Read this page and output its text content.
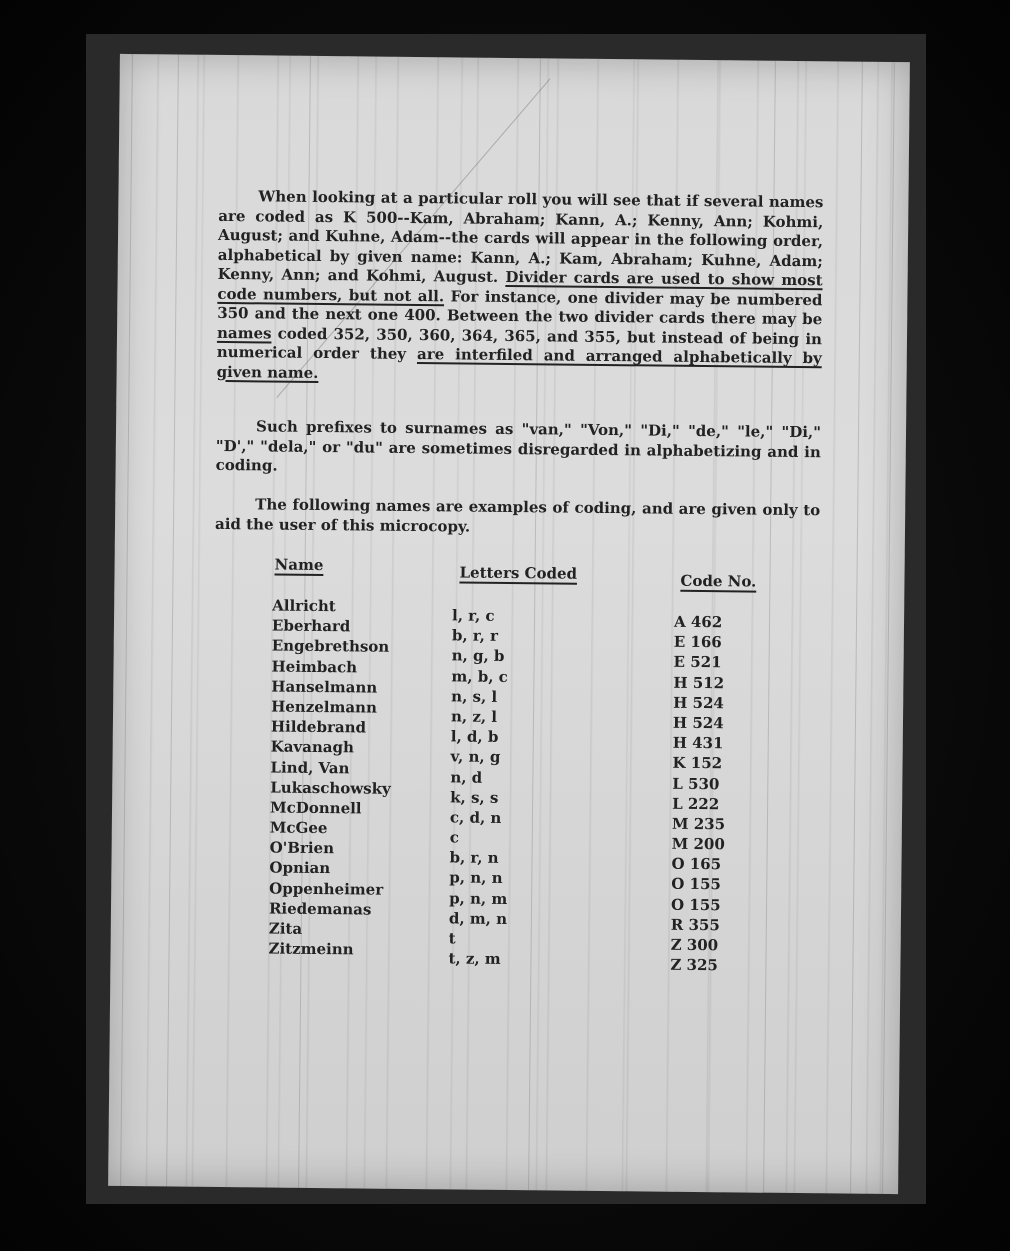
When looking at a particular roll you will see that if several names are coded as K 500--Kam, Abraham; Kann, A.; Kenny, Ann; Kohmi, August; and Kuhne, Adam--the cards will appear in the following order, alphabetical by given name: Kann, A.; Kam, Abraham; Kuhne, Adam; Kenny, Ann; and Kohmi, August. Divider cards are used to show most code numbers, but not all. For instance, one divider may be numbered 350 and the next one 400. Between the two divider cards there may be names coded 352, 350, 360, 364, 365, and 355, but instead of being in numerical order they are interfiled and arranged alphabetically by given name.

Such prefixes to surnames as "van," "Von," "Di," "de," "le," "Di," "D'," "dela," or "du" are sometimes disregarded in alphabetizing and in coding.

The following names are examples of coding, and are given only to aid the user of this microcopy.

Name	Letters Coded	Code No.
Allricht
Eberhard
Engebrethson
Heimbach
Hanselmann
Henzelmann
Hildebrand
Kavanagh
Lind, Van
Lukaschowsky
McDonnell
McGee
O'Brien
Opnian
Oppenheimer
Riedemanas
Zita
Zitzmeinn
l, r, c
b, r, r
n, g, b
m, b, c
n, s, l
n, z, l
l, d, b
v, n, g
n, d
k, s, s
c, d, n
c
b, r, n
p, n, n
p, n, m
d, m, n
t
t, z, m
A 462
E 166
E 521
H 512
H 524
H 524
H 431
K 152
L 530
L 222
M 235
M 200
O 165
O 155
O 155
R 355
Z 300
Z 325
